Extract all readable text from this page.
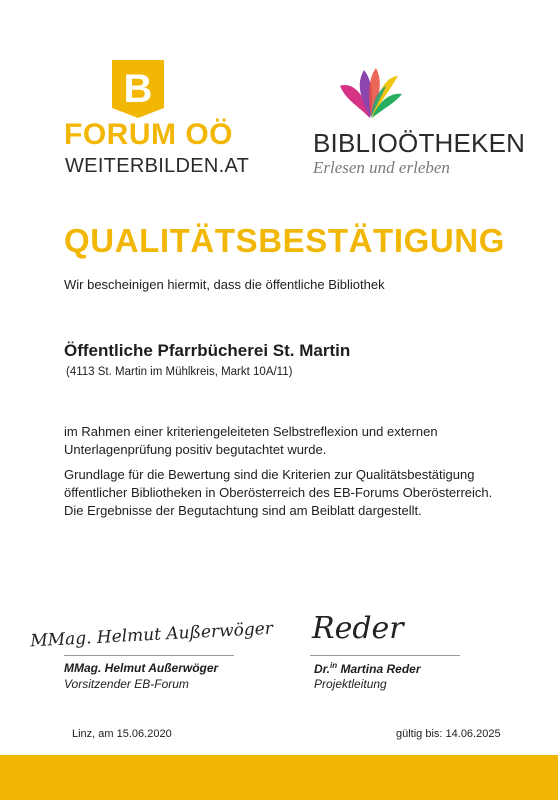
B
FORUM OÖ
WEITERBILDEN.AT
BIBLIOÖTHEKEN
Erlesen und erleben
QUALITÄTSBESTÄTIGUNG
Wir bescheinigen hiermit, dass die öffentliche Bibliothek
Öffentliche Pfarrbücherei St. Martin
(4113 St. Martin im Mühlkreis, Markt 10A/11)
im Rahmen einer kriteriengeleiteten Selbstreflexion und externen
Unterlagenprüfung positiv begutachtet wurde.
Grundlage für die Bewertung sind die Kriterien zur Qualitätsbestätigung
öffentlicher Bibliotheken in Oberösterreich des EB-Forums Oberösterreich.
Die Ergebnisse der Begutachtung sind am Beiblatt dargestellt.
MMag. Helmut Außerwöger Reder
MMag. Helmut Außerwöger
Vorsitzender EB-Forum
Dr.$^{in}$ Martina Reder
Projektleitung
Linz, am 15.06.2020	gültig bis: 14.06.2025
